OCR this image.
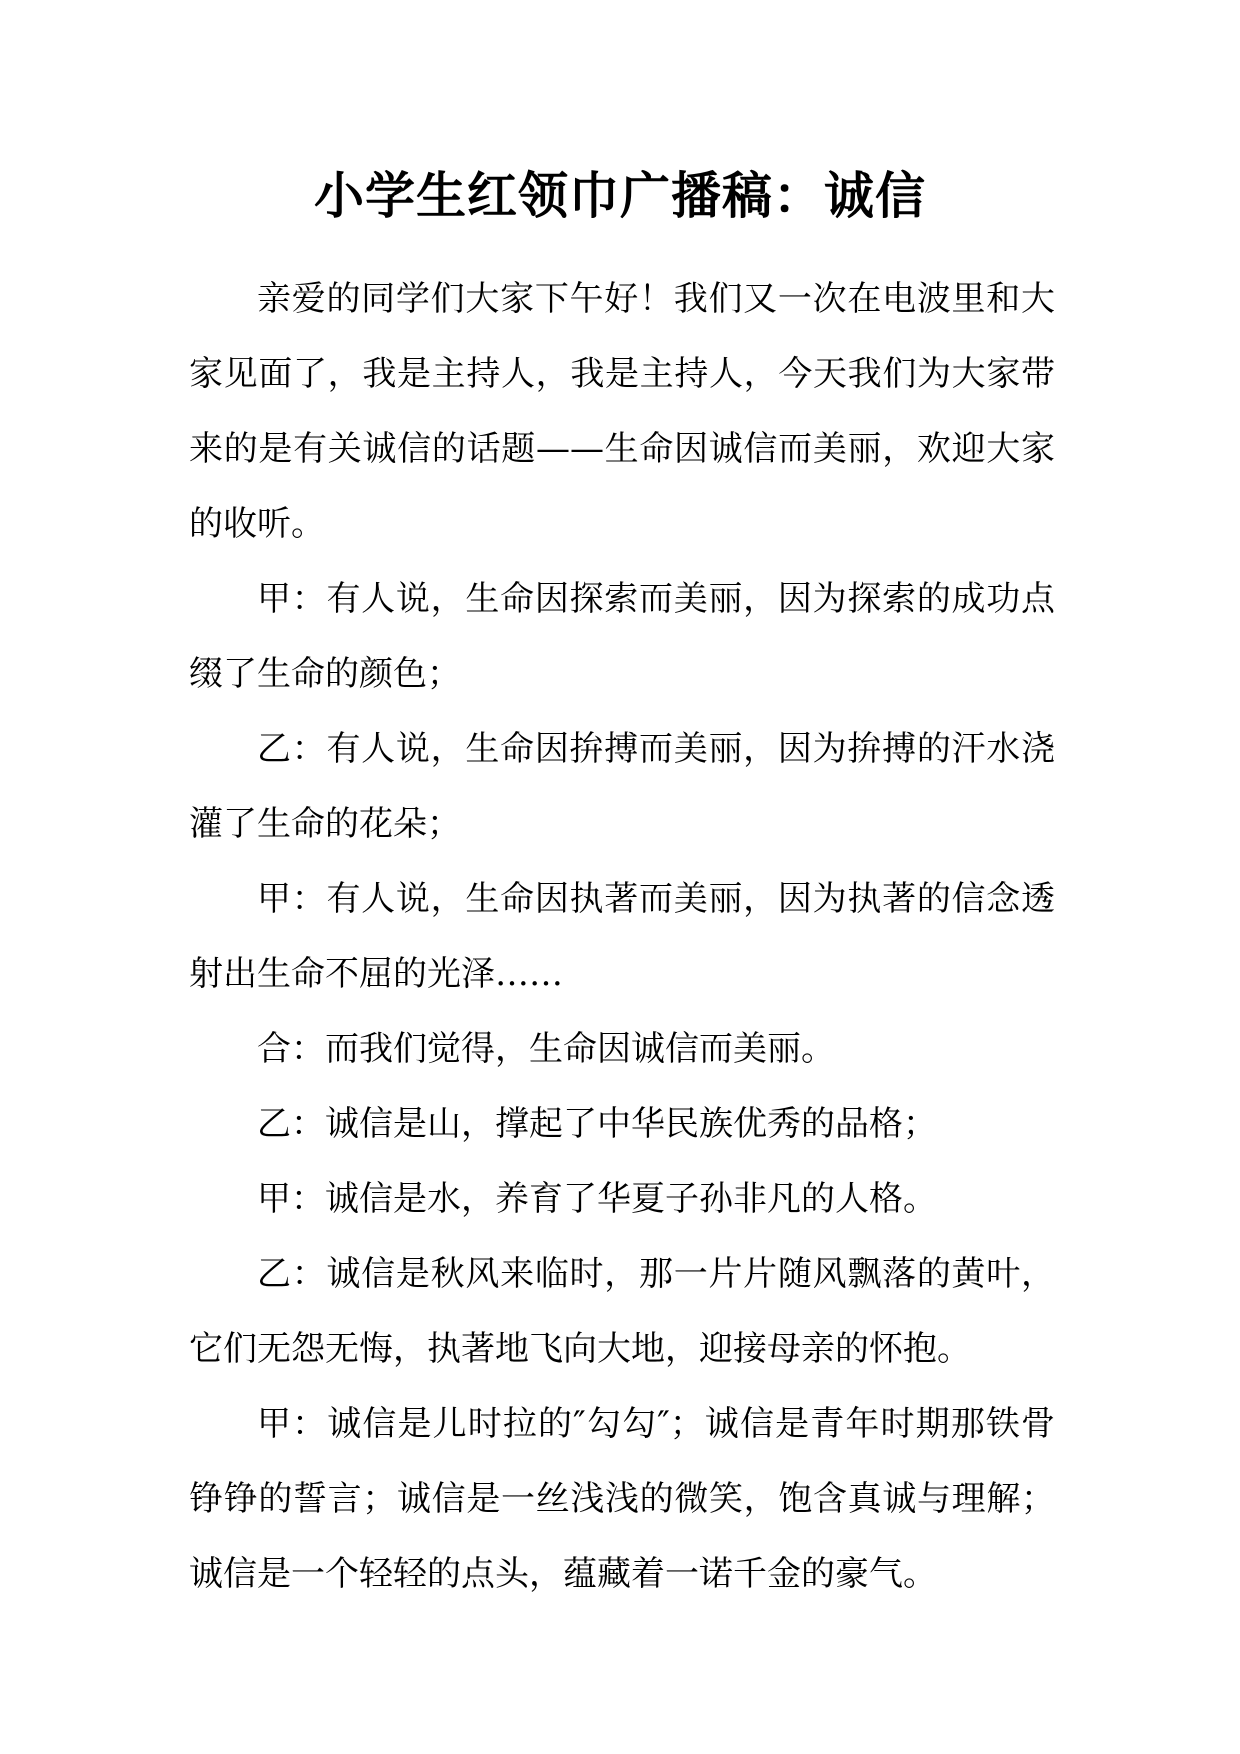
小学生红领巾广播稿：诚信

亲爱的同学们大家下午好！我们又一次在电波里和大家见面了，我是主持人，我是主持人，今天我们为大家带来的是有关诚信的话题——生命因诚信而美丽，欢迎大家的收听。

甲：有人说，生命因探索而美丽，因为探索的成功点缀了生命的颜色；

乙：有人说，生命因拚搏而美丽，因为拚搏的汗水浇灌了生命的花朵；

甲：有人说，生命因执著而美丽，因为执著的信念透射出生命不屈的光泽……

合：而我们觉得，生命因诚信而美丽。

乙：诚信是山，撑起了中华民族优秀的品格；

甲：诚信是水，养育了华夏子孙非凡的人格。

乙：诚信是秋风来临时，那一片片随风飘落的黄叶，它们无怨无悔，执著地飞向大地，迎接母亲的怀抱。

甲：诚信是儿时拉的″勾勾″；诚信是青年时期那铁骨铮铮的誓言；诚信是一丝浅浅的微笑，饱含真诚与理解；诚信是一个轻轻的点头，蕴藏着一诺千金的豪气。
